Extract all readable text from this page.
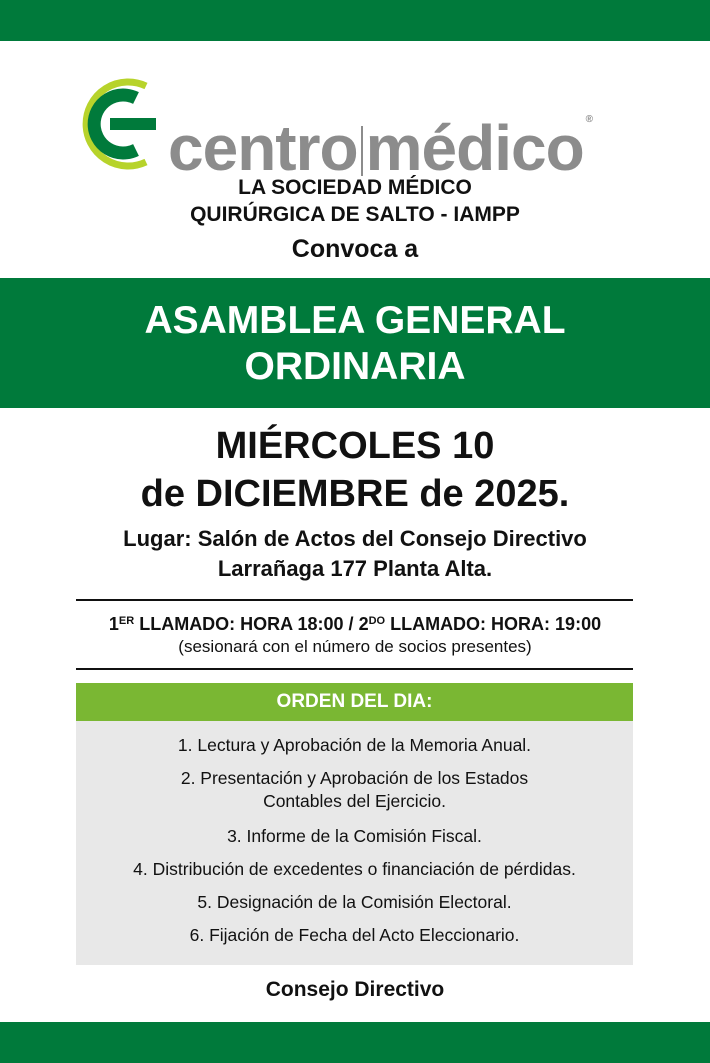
centro médico ®
LA SOCIEDAD MÉDICO
QUIRÚRGICA DE SALTO - IAMPP
Convoca a
ASAMBLEA GENERAL
ORDINARIA
MIÉRCOLES 10
de DICIEMBRE de 2025.
Lugar: Salón de Actos del Consejo Directivo
Larrañaga 177 Planta Alta.
1ER LLAMADO: HORA 18:00 / $2^{DO}$ LLAMADO: HORA: 19:00
(sesionará con el número de socios presentes)
ORDEN DEL DIA:
1. Lectura y Aprobación de la Memoria Anual.
2. Presentación y Aprobación de los Estados
Contables del Ejercicio.
3. Informe de la Comisión Fiscal.
4. Distribución de excedentes o financiación de pérdidas.
5. Designación de la Comisión Electoral.
6. Fijación de Fecha del Acto Eleccionario.
Consejo Directivo
